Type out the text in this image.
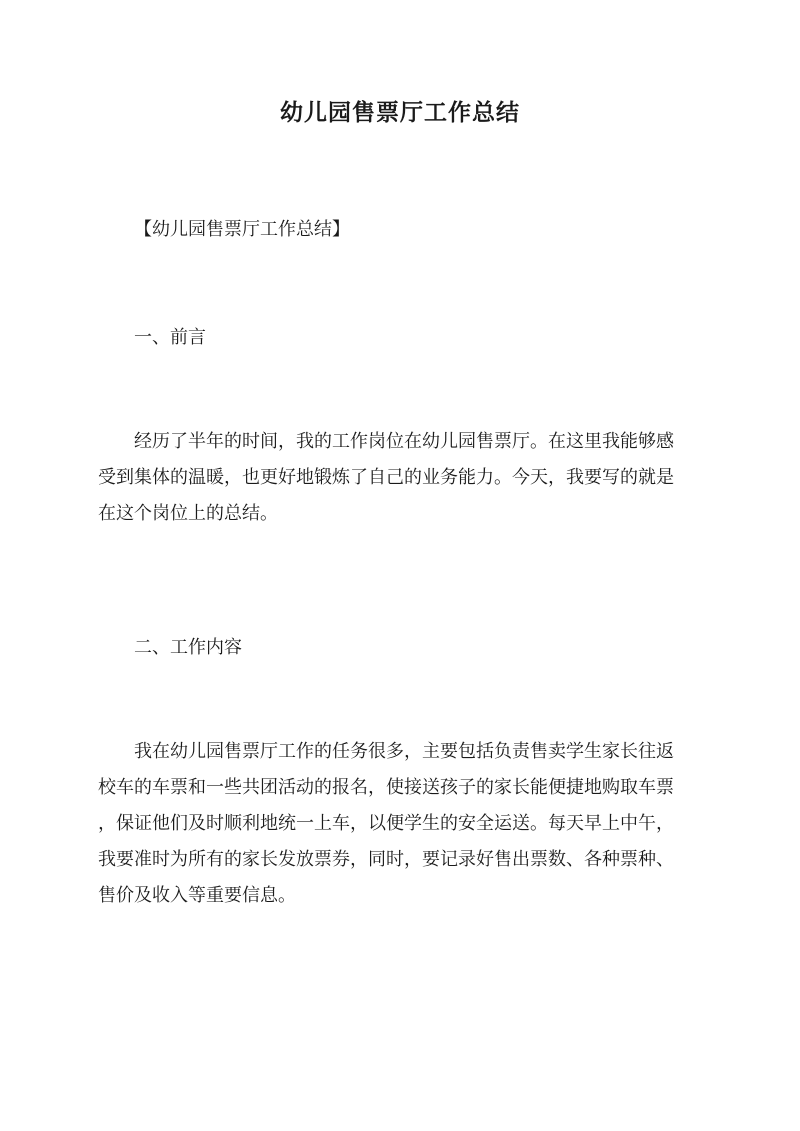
幼儿园售票厅工作总结
【幼儿园售票厅工作总结】
一、前言
经历了半年的时间，我的工作岗位在幼儿园售票厅。在这里我能够感
受到集体的温暖，也更好地锻炼了自己的业务能力。今天，我要写的就是
在这个岗位上的总结。
二、工作内容
我在幼儿园售票厅工作的任务很多，主要包括负责售卖学生家长往返
校车的车票和一些共团活动的报名，使接送孩子的家长能便捷地购取车票
，保证他们及时顺利地统一上车，以便学生的安全运送。每天早上中午，
我要准时为所有的家长发放票券，同时，要记录好售出票数、各种票种、
售价及收入等重要信息。
